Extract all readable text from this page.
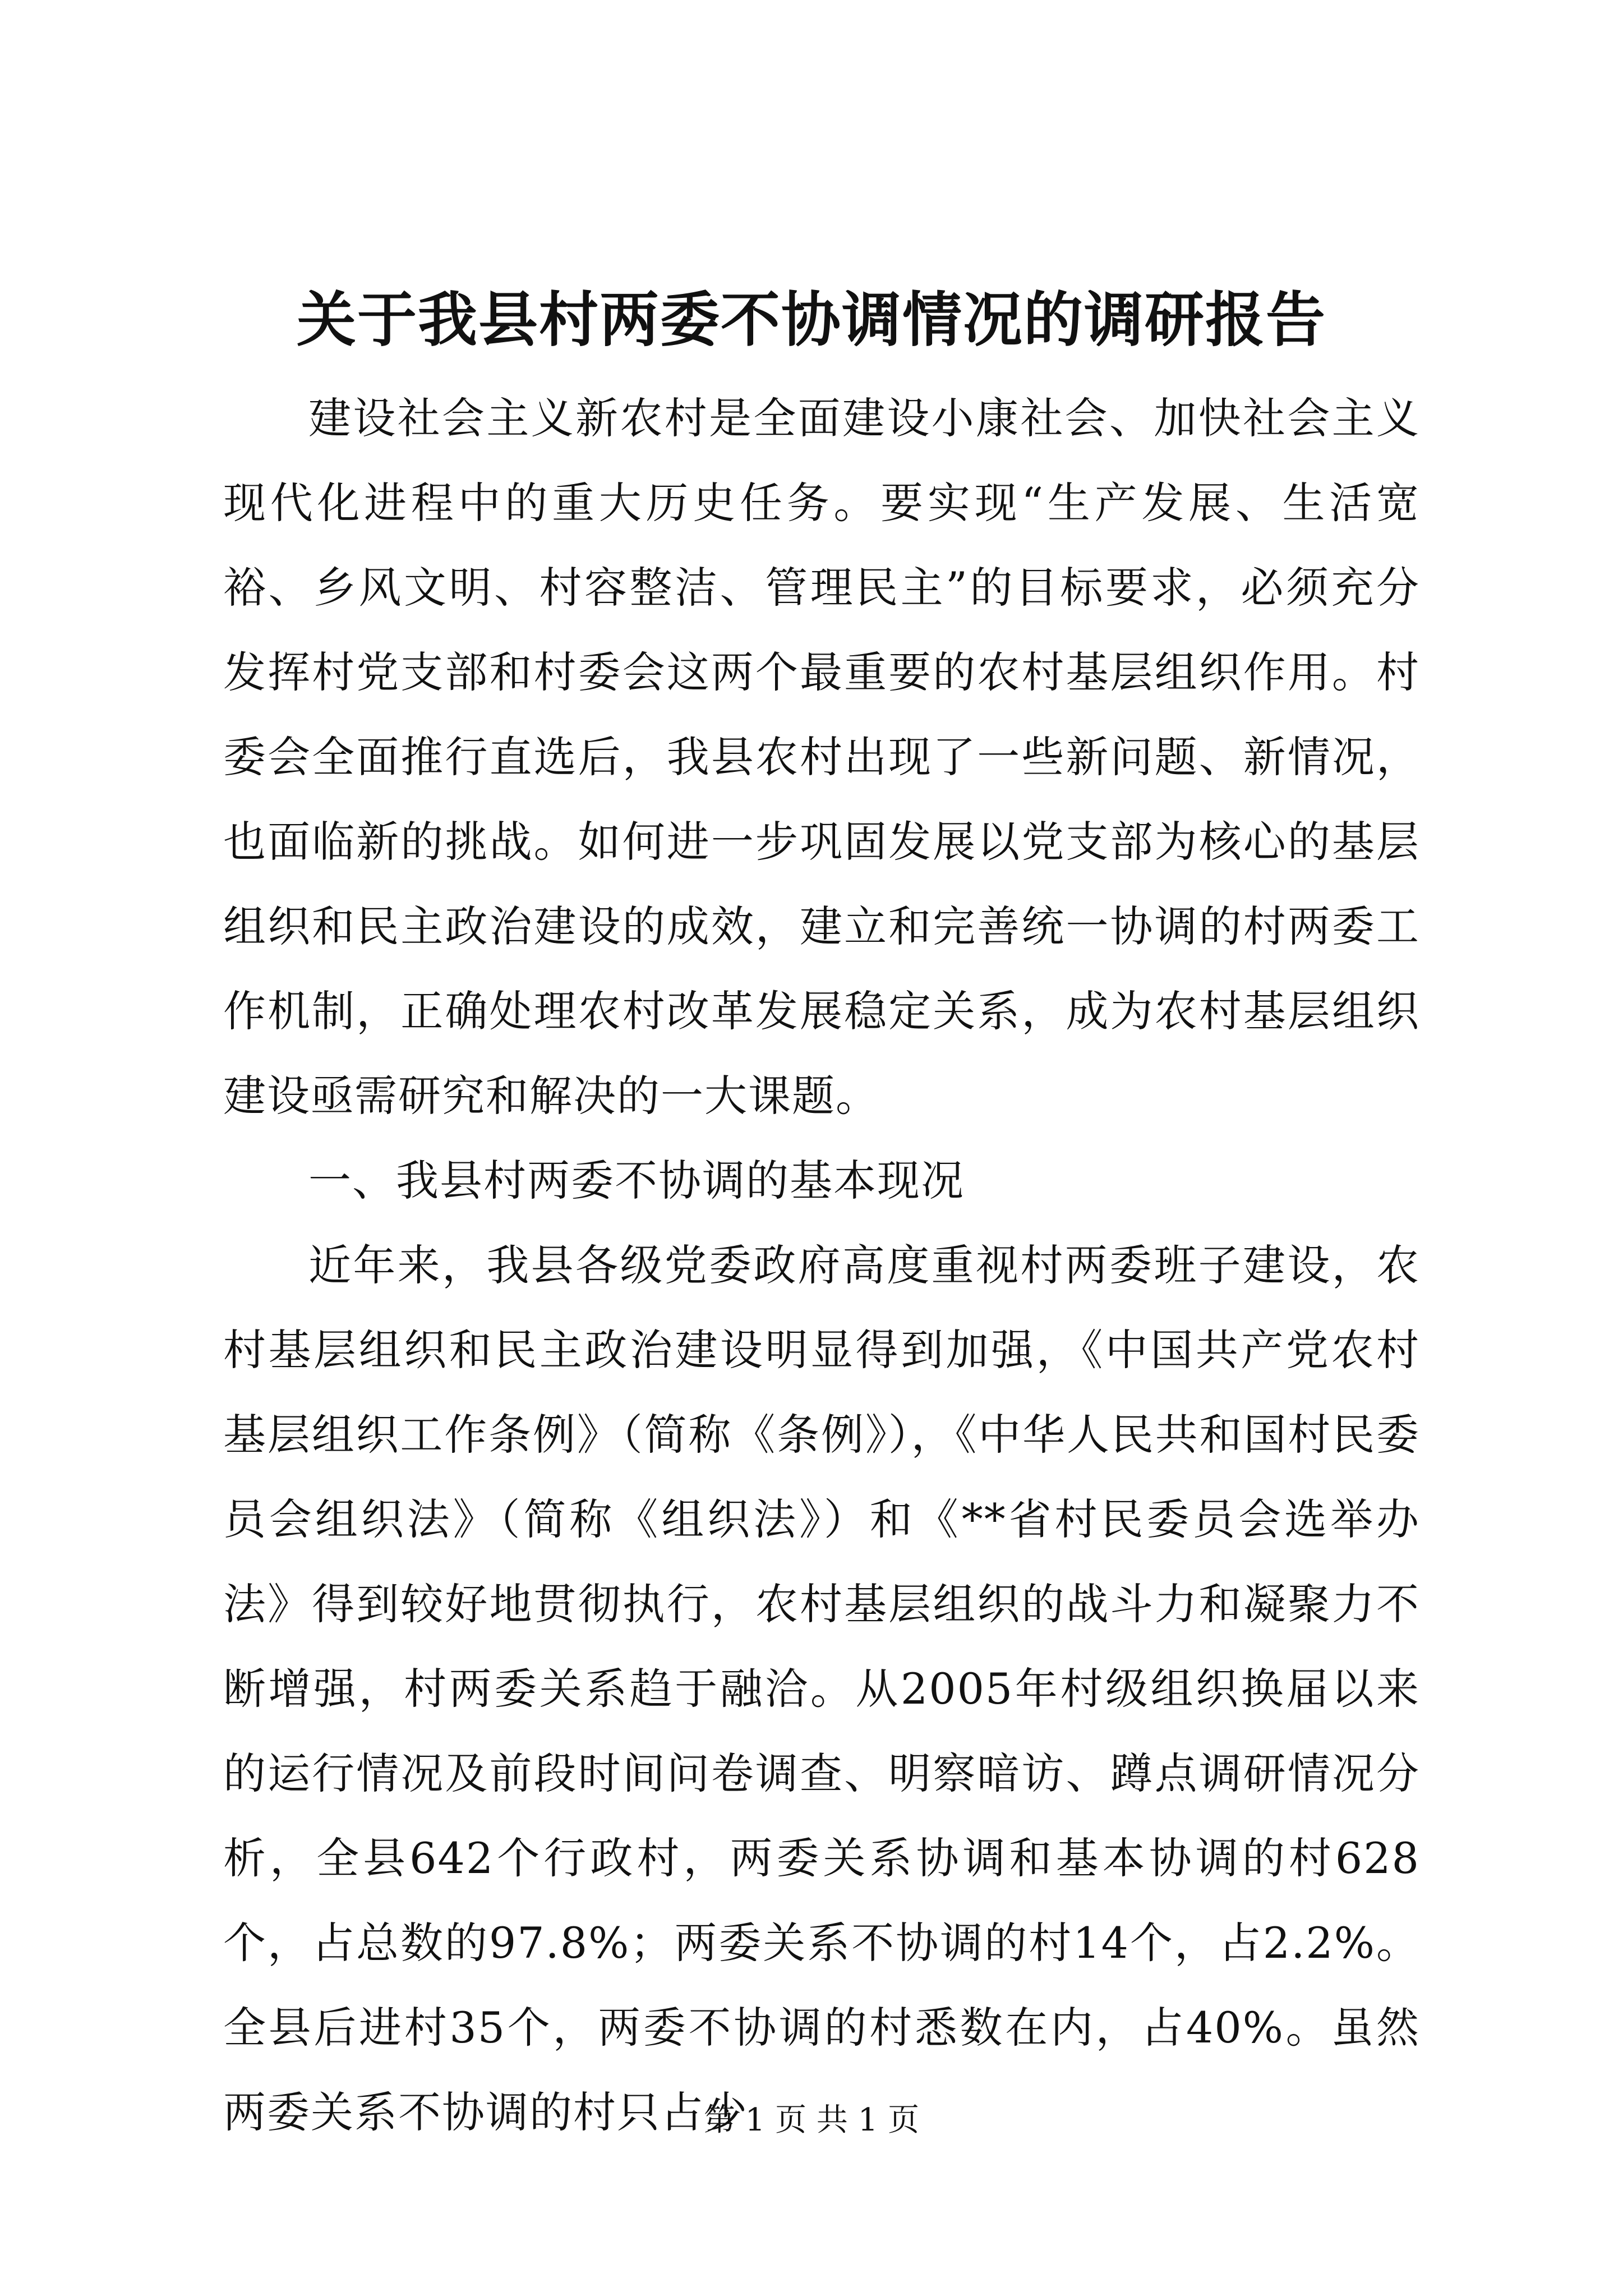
关于我县村两委不协调情况的调研报告

建设社会主义新农村是全面建设小康社会、加快社会主义现代化进程中的重大历史任务。要实现“生产发展、生活宽裕、乡风文明、村容整洁、管理民主”的目标要求，必须充分发挥村党支部和村委会这两个最重要的农村基层组织作用。村委会全面推行直选后，我县农村出现了一些新问题、新情况，也面临新的挑战。如何进一步巩固发展以党支部为核心的基层组织和民主政治建设的成效，建立和完善统一协调的村两委工作机制，正确处理农村改革发展稳定关系，成为农村基层组织建设亟需研究和解决的一大课题。

一、我县村两委不协调的基本现况

近年来，我县各级党委政府高度重视村两委班子建设，农村基层组织和民主政治建设明显得到加强，《中国共产党农村基层组织工作条例》（简称《条例》），《中华人民共和国村民委员会组织法》（简称《组织法》）和《**省村民委员会选举办法》得到较好地贯彻执行，农村基层组织的战斗力和凝聚力不断增强，村两委关系趋于融洽。从2005年村级组织换届以来的运行情况及前段时间问卷调查、明察暗访、蹲点调研情况分析，全县642个行政村，两委关系协调和基本协调的村628个，占总数的97.8%；两委关系不协调的村14个，占2.2%。全县后进村35个，两委不协调的村悉数在内，占40%。虽然两委关系不协调的村只占少

第 1 页 共 1 页
